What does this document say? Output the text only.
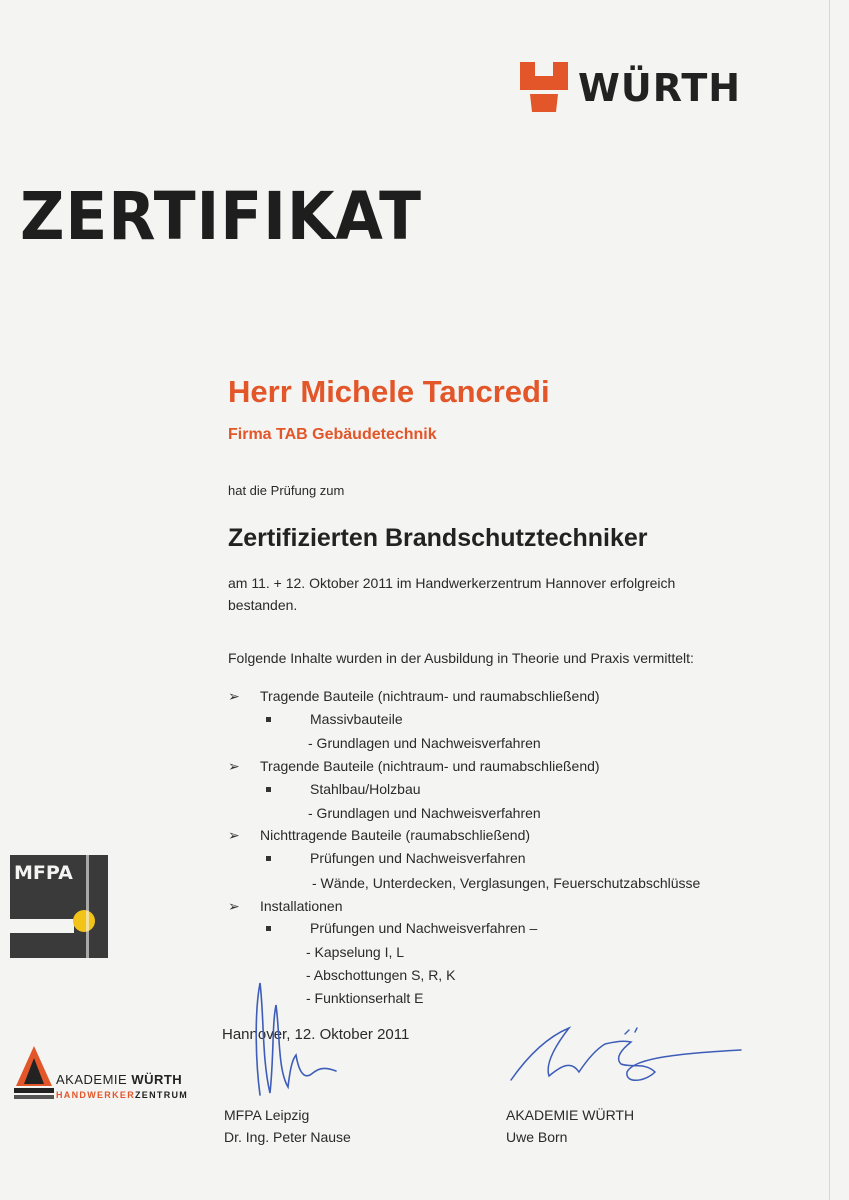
WÜRTH
ZERTIFIKAT
Herr Michele Tancredi
Firma TAB Gebäudetechnik
hat die Prüfung zum
Zertifizierten Brandschutztechniker
am 11. + 12. Oktober 2011 im Handwerkerzentrum Hannover erfolgreich
bestanden.
Folgende Inhalte wurden in der Ausbildung in Theorie und Praxis vermittelt:
➢ Tragende Bauteile (nichtraum- und raumabschließend)
Massivbauteile
- Grundlagen und Nachweisverfahren
➢ Tragende Bauteile (nichtraum- und raumabschließend)
Stahlbau/Holzbau
- Grundlagen und Nachweisverfahren
➢ Nichttragende Bauteile (raumabschließend)
Prüfungen und Nachweisverfahren
- Wände, Unterdecken, Verglasungen, Feuerschutzabschlüsse
➢ Installationen
Prüfungen und Nachweisverfahren –
- Kapselung I, L
- Abschottungen S, R, K
- Funktionserhalt E
Hannover, 12. Oktober 2011
MFPA Leipzig
Dr. Ing. Peter Nause
AKADEMIE WÜRTH
Uwe Born
MFPA
AKADEMIE WÜRTH
HANDWERKERZENTRUM
